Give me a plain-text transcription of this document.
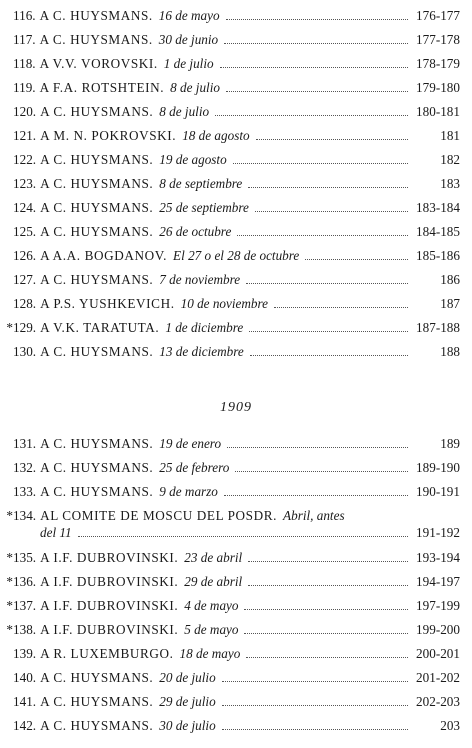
116. A C. HUYSMANS. 16 de mayo	176-177
117. A C. HUYSMANS. 30 de junio	177-178
118. A V.V. VOROVSKI. 1 de julio	178-179
119. A F.A. ROTSHTEIN. 8 de julio	179-180
120. A C. HUYSMANS. 8 de julio	180-181
121. A M. N. POKROVSKI. 18 de agosto	181
122. A C. HUYSMANS. 19 de agosto	182
123. A C. HUYSMANS. 8 de septiembre	183
124. A C. HUYSMANS. 25 de septiembre	183-184
125. A C. HUYSMANS. 26 de octubre	184-185
126. A A.A. BOGDANOV. El 27 o el 28 de octubre	185-186
127. A C. HUYSMANS. 7 de noviembre	186
128. A P.S. YUSHKEVICH. 10 de noviembre	187
* 129. A V.K. TARATUTA. 1 de diciembre	187-188
130. A C. HUYSMANS. 13 de diciembre	188
1909
131. A C. HUYSMANS. 19 de enero	189
132. A C. HUYSMANS. 25 de febrero	189-190
133. A C. HUYSMANS. 9 de marzo	190-191
* 134. AL COMITE DE MOSCU DEL POSDR. Abril, antes
del 11	191-192
* 135. A I.F. DUBROVINSKI. 23 de abril	193-194
* 136. A I.F. DUBROVINSKI. 29 de abril	194-197
* 137. A I.F. DUBROVINSKI. 4 de mayo	197-199
* 138. A I.F. DUBROVINSKI. 5 de mayo	199-200
139. A R. LUXEMBURGO. 18 de mayo	200-201
140. A C. HUYSMANS. 20 de julio	201-202
141. A C. HUYSMANS. 29 de julio	202-203
142. A C. HUYSMANS. 30 de julio	203
